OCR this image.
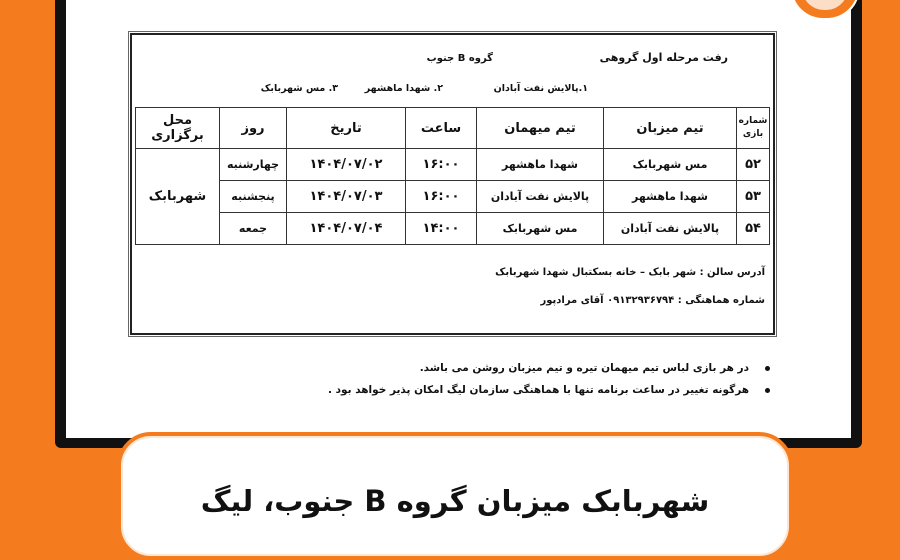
رفت مرحله اول گروهی
گروه B جنوب
۱.پالایش نفت آبادان
۲. شهدا ماهشهر
۳. مس شهربابک
شماره بازی	تیم میزبان	تیم میهمان	ساعت	تاریخ	روز	محل برگزاری
۵۲	مس شهربابک	شهدا ماهشهر	۱۶:۰۰	۱۴۰۴/۰۷/۰۲	چهارشنبه	شهربابک
۵۳	شهدا ماهشهر	پالایش نفت آبادان	۱۶:۰۰	۱۴۰۴/۰۷/۰۳	پنجشنبه	
۵۴	پالایش نفت آبادان	مس شهربابک	۱۴:۰۰	۱۴۰۴/۰۷/۰۴	جمعه	
آدرس سالن : شهر بابک – خانه بسکتبال شهدا شهربابک
شماره هماهنگی : ۰۹۱۳۲۹۳۶۷۹۴ آقای مرادپور
در هر بازی لباس تیم میهمان تیره و تیم میزبان روشن می باشد.
هرگونه تغییر در ساعت برنامه تنها با هماهنگی سازمان لیگ امکان پذیر خواهد بود .
شهربابک میزبان گروه B جنوب، لیگ
